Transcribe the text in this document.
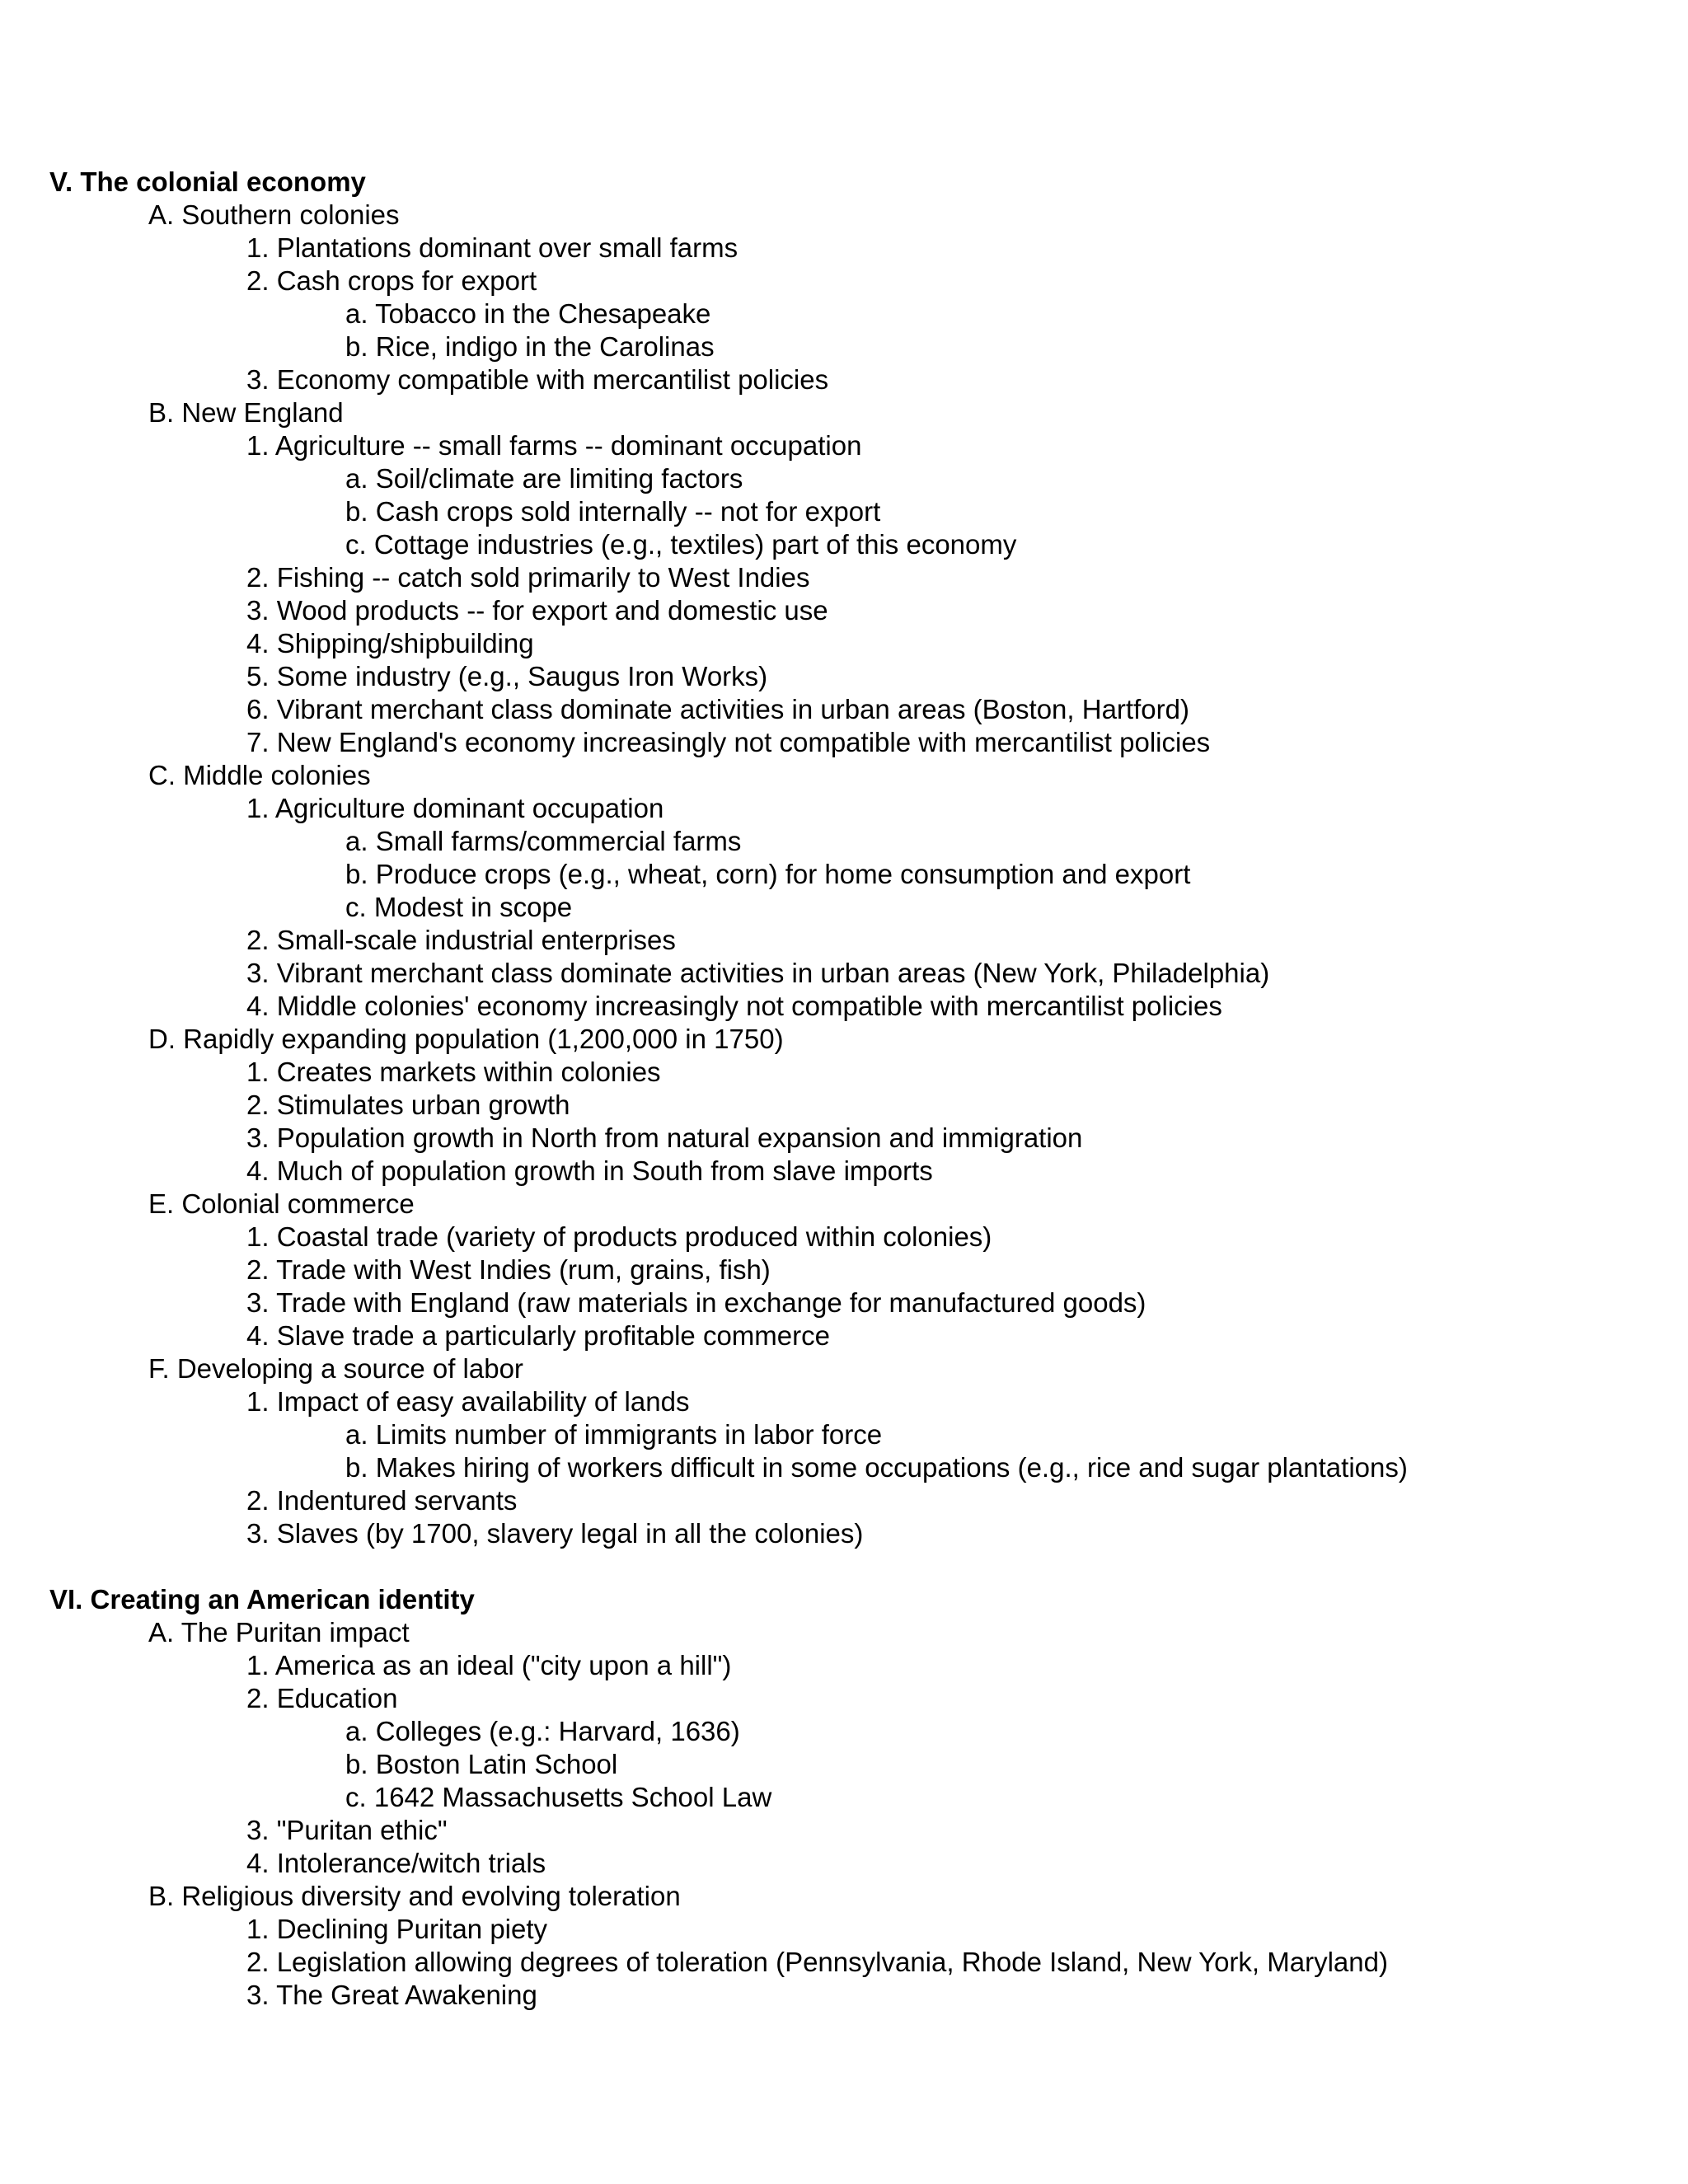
V. The colonial economy
A. Southern colonies
1. Plantations dominant over small farms
2. Cash crops for export
a. Tobacco in the Chesapeake
b. Rice, indigo in the Carolinas
3. Economy compatible with mercantilist policies
B. New England
1. Agriculture -- small farms -- dominant occupation
a. Soil/climate are limiting factors
b. Cash crops sold internally -- not for export
c. Cottage industries (e.g., textiles) part of this economy
2. Fishing -- catch sold primarily to West Indies
3. Wood products -- for export and domestic use
4. Shipping/shipbuilding
5. Some industry (e.g., Saugus Iron Works)
6. Vibrant merchant class dominate activities in urban areas (Boston, Hartford)
7. New England's economy increasingly not compatible with mercantilist policies
C. Middle colonies
1. Agriculture dominant occupation
a. Small farms/commercial farms
b. Produce crops (e.g., wheat, corn) for home consumption and export
c. Modest in scope
2. Small-scale industrial enterprises
3. Vibrant merchant class dominate activities in urban areas (New York, Philadelphia)
4. Middle colonies' economy increasingly not compatible with mercantilist policies
D. Rapidly expanding population (1,200,000 in 1750)
1. Creates markets within colonies
2. Stimulates urban growth
3. Population growth in North from natural expansion and immigration
4. Much of population growth in South from slave imports
E. Colonial commerce
1. Coastal trade (variety of products produced within colonies)
2. Trade with West Indies (rum, grains, fish)
3. Trade with England (raw materials in exchange for manufactured goods)
4. Slave trade a particularly profitable commerce
F. Developing a source of labor
1. Impact of easy availability of lands
a. Limits number of immigrants in labor force
b. Makes hiring of workers difficult in some occupations (e.g., rice and sugar plantations)
2. Indentured servants
3. Slaves (by 1700, slavery legal in all the colonies)
VI. Creating an American identity
A. The Puritan impact
1. America as an ideal ("city upon a hill")
2. Education
a. Colleges (e.g.: Harvard, 1636)
b. Boston Latin School
c. 1642 Massachusetts School Law
3. "Puritan ethic"
4. Intolerance/witch trials
B. Religious diversity and evolving toleration
1. Declining Puritan piety
2. Legislation allowing degrees of toleration (Pennsylvania, Rhode Island, New York, Maryland)
3. The Great Awakening
